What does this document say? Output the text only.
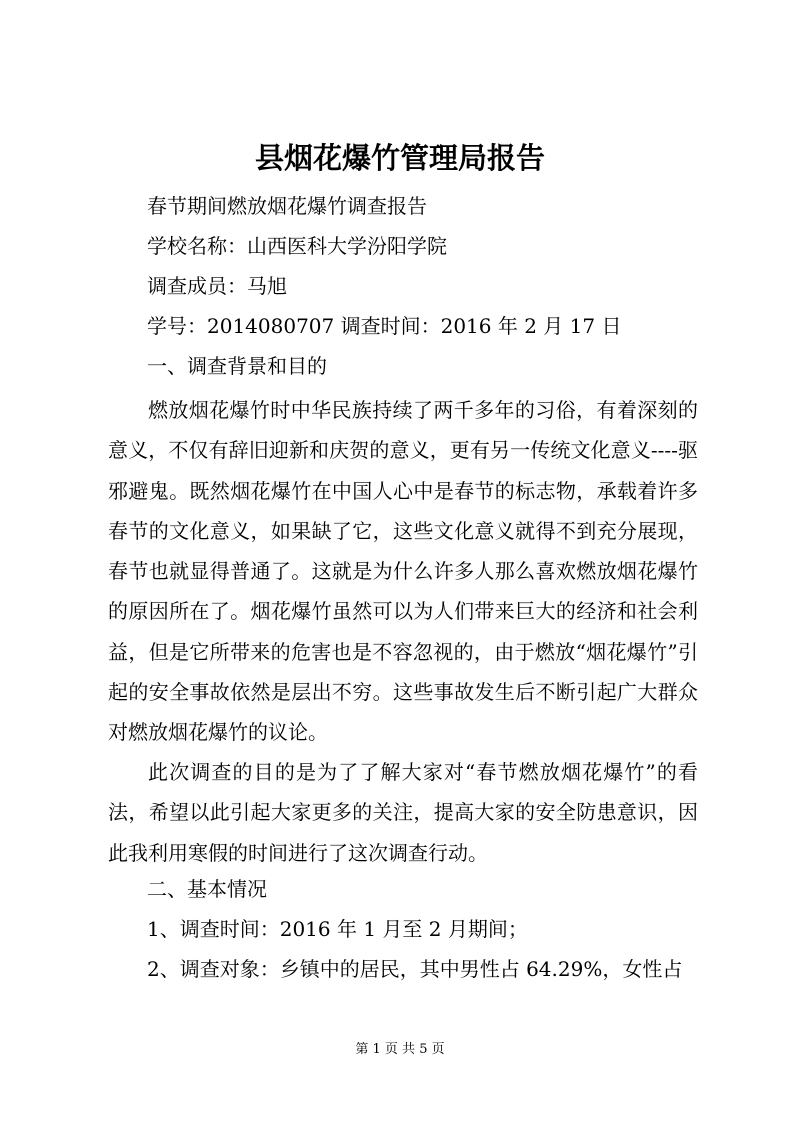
县烟花爆竹管理局报告

春节期间燃放烟花爆竹调查报告

学校名称：山西医科大学汾阳学院

调查成员：马旭

学号：2014080707 调查时间：2016 年 2 月 17 日

一、调查背景和目的

燃放烟花爆竹时中华民族持续了两千多年的习俗，有着深刻的意义，不仅有辞旧迎新和庆贺的意义，更有另一传统文化意义----驱邪避鬼。既然烟花爆竹在中国人心中是春节的标志物，承载着许多春节的文化意义，如果缺了它，这些文化意义就得不到充分展现，春节也就显得普通了。这就是为什么许多人那么喜欢燃放烟花爆竹的原因所在了。烟花爆竹虽然可以为人们带来巨大的经济和社会利益，但是它所带来的危害也是不容忽视的，由于燃放“烟花爆竹”引起的安全事故依然是层出不穷。这些事故发生后不断引起广大群众对燃放烟花爆竹的议论。

此次调查的目的是为了了解大家对“春节燃放烟花爆竹”的看法，希望以此引起大家更多的关注，提高大家的安全防患意识，因此我利用寒假的时间进行了这次调查行动。

二、基本情况

1、调查时间：2016 年 1 月至 2 月期间；

2、调查对象：乡镇中的居民，其中男性占 64.29%，女性占

第 1 页 共 5 页
